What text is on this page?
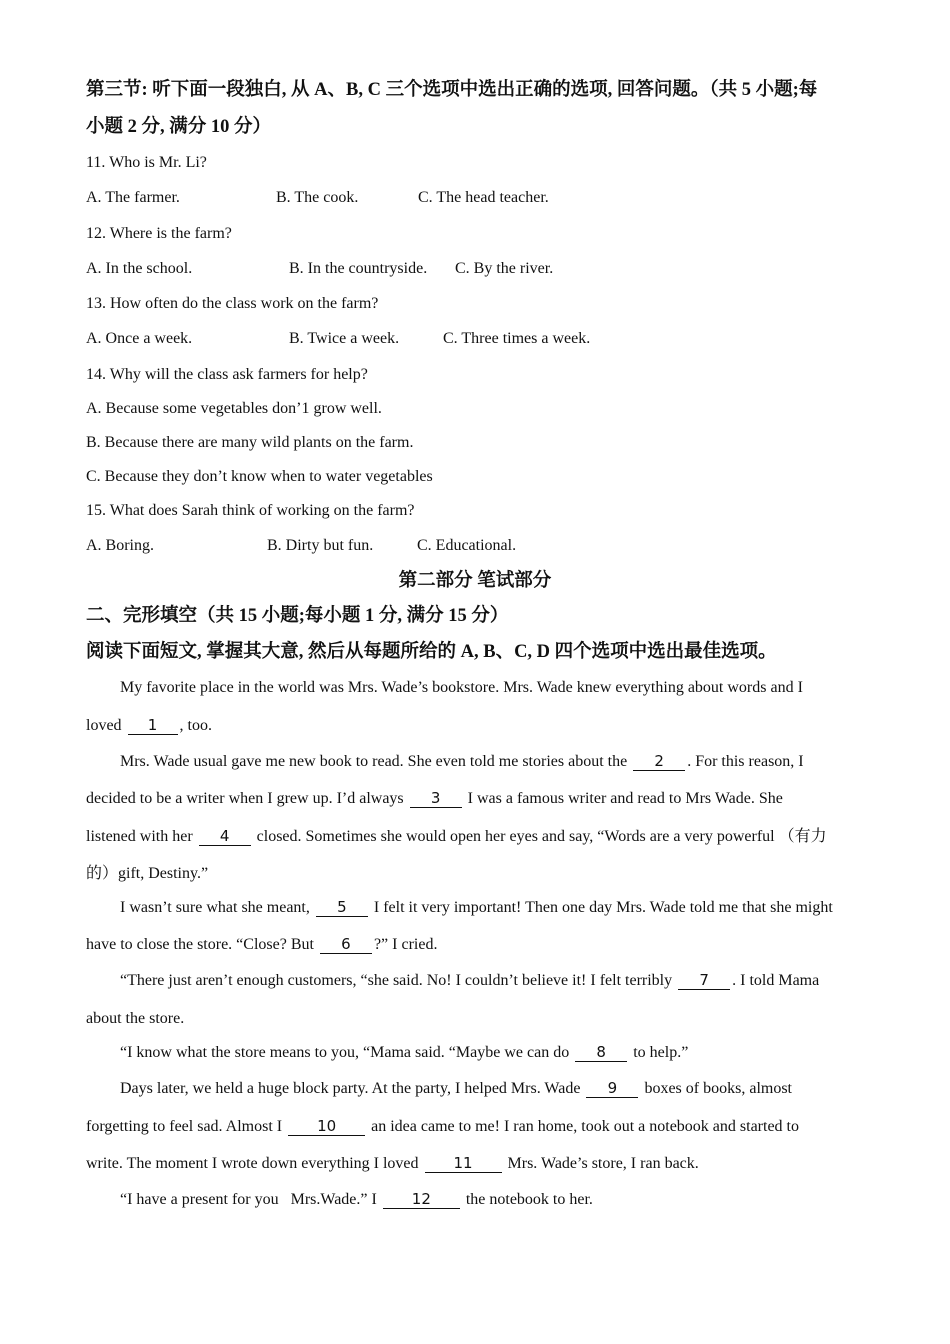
第三节: 听下面一段独白, 从 A、B, C 三个选项中选出正确的选项, 回答问题。（共 5 小题;每
小题 2 分, 满分 10 分）
11. Who is Mr. Li?
A. The farmer.	B. The cook.	C. The head teacher.
12. Where is the farm?
A. In the school.	B. In the countryside. C. By the river.
13. How often do the class work on the farm?
A. Once a week.	B. Twice a week.	C. Three times a week.
14. Why will the class ask farmers for help?
A. Because some vegetables don’1 grow well.
B. Because there are many wild plants on the farm.
C. Because they don’t know when to water vegetables
15. What does Sarah think of working on the farm?
A. Boring.	B. Dirty but fun.	C. Educational.
第二部分 笔试部分
二、完形填空（共 15 小题;每小题 1 分, 满分 15 分）
阅读下面短文, 掌握其大意, 然后从每题所给的 A, B、C, D 四个选项中选出最佳选项。
My favorite place in the world was Mrs. Wade’s bookstore. Mrs. Wade knew everything about words and I
loved 1 , too.
Mrs. Wade usual gave me new book to read. She even told me stories about the 2 . For this reason, I
decided to be a writer when I grew up. I’d always 3 I was a famous writer and read to Mrs Wade. She
listened with her 4 closed. Sometimes she would open her eyes and say, “Words are a very powerful （有力
的）gift, Destiny.”
I wasn’t sure what she meant, 5 I felt it very important! Then one day Mrs. Wade told me that she might
have to close the store. “Close? But 6 ?” I cried.
“There just aren’t enough customers, “she said. No! I couldn’t believe it! I felt terribly 7 . I told Mama
about the store.
“I know what the store means to you, “Mama said. “Maybe we can do 8 to help.”
Days later, we held a huge block party. At the party, I helped Mrs. Wade 9 boxes of books, almost
forgetting to feel sad. Almost I 10 an idea came to me! I ran home, took out a notebook and started to
write. The moment I wrote down everything I loved 11 Mrs. Wade’s store, I ran back.
“I have a present for you   Mrs.Wade.” I 12 the notebook to her.
